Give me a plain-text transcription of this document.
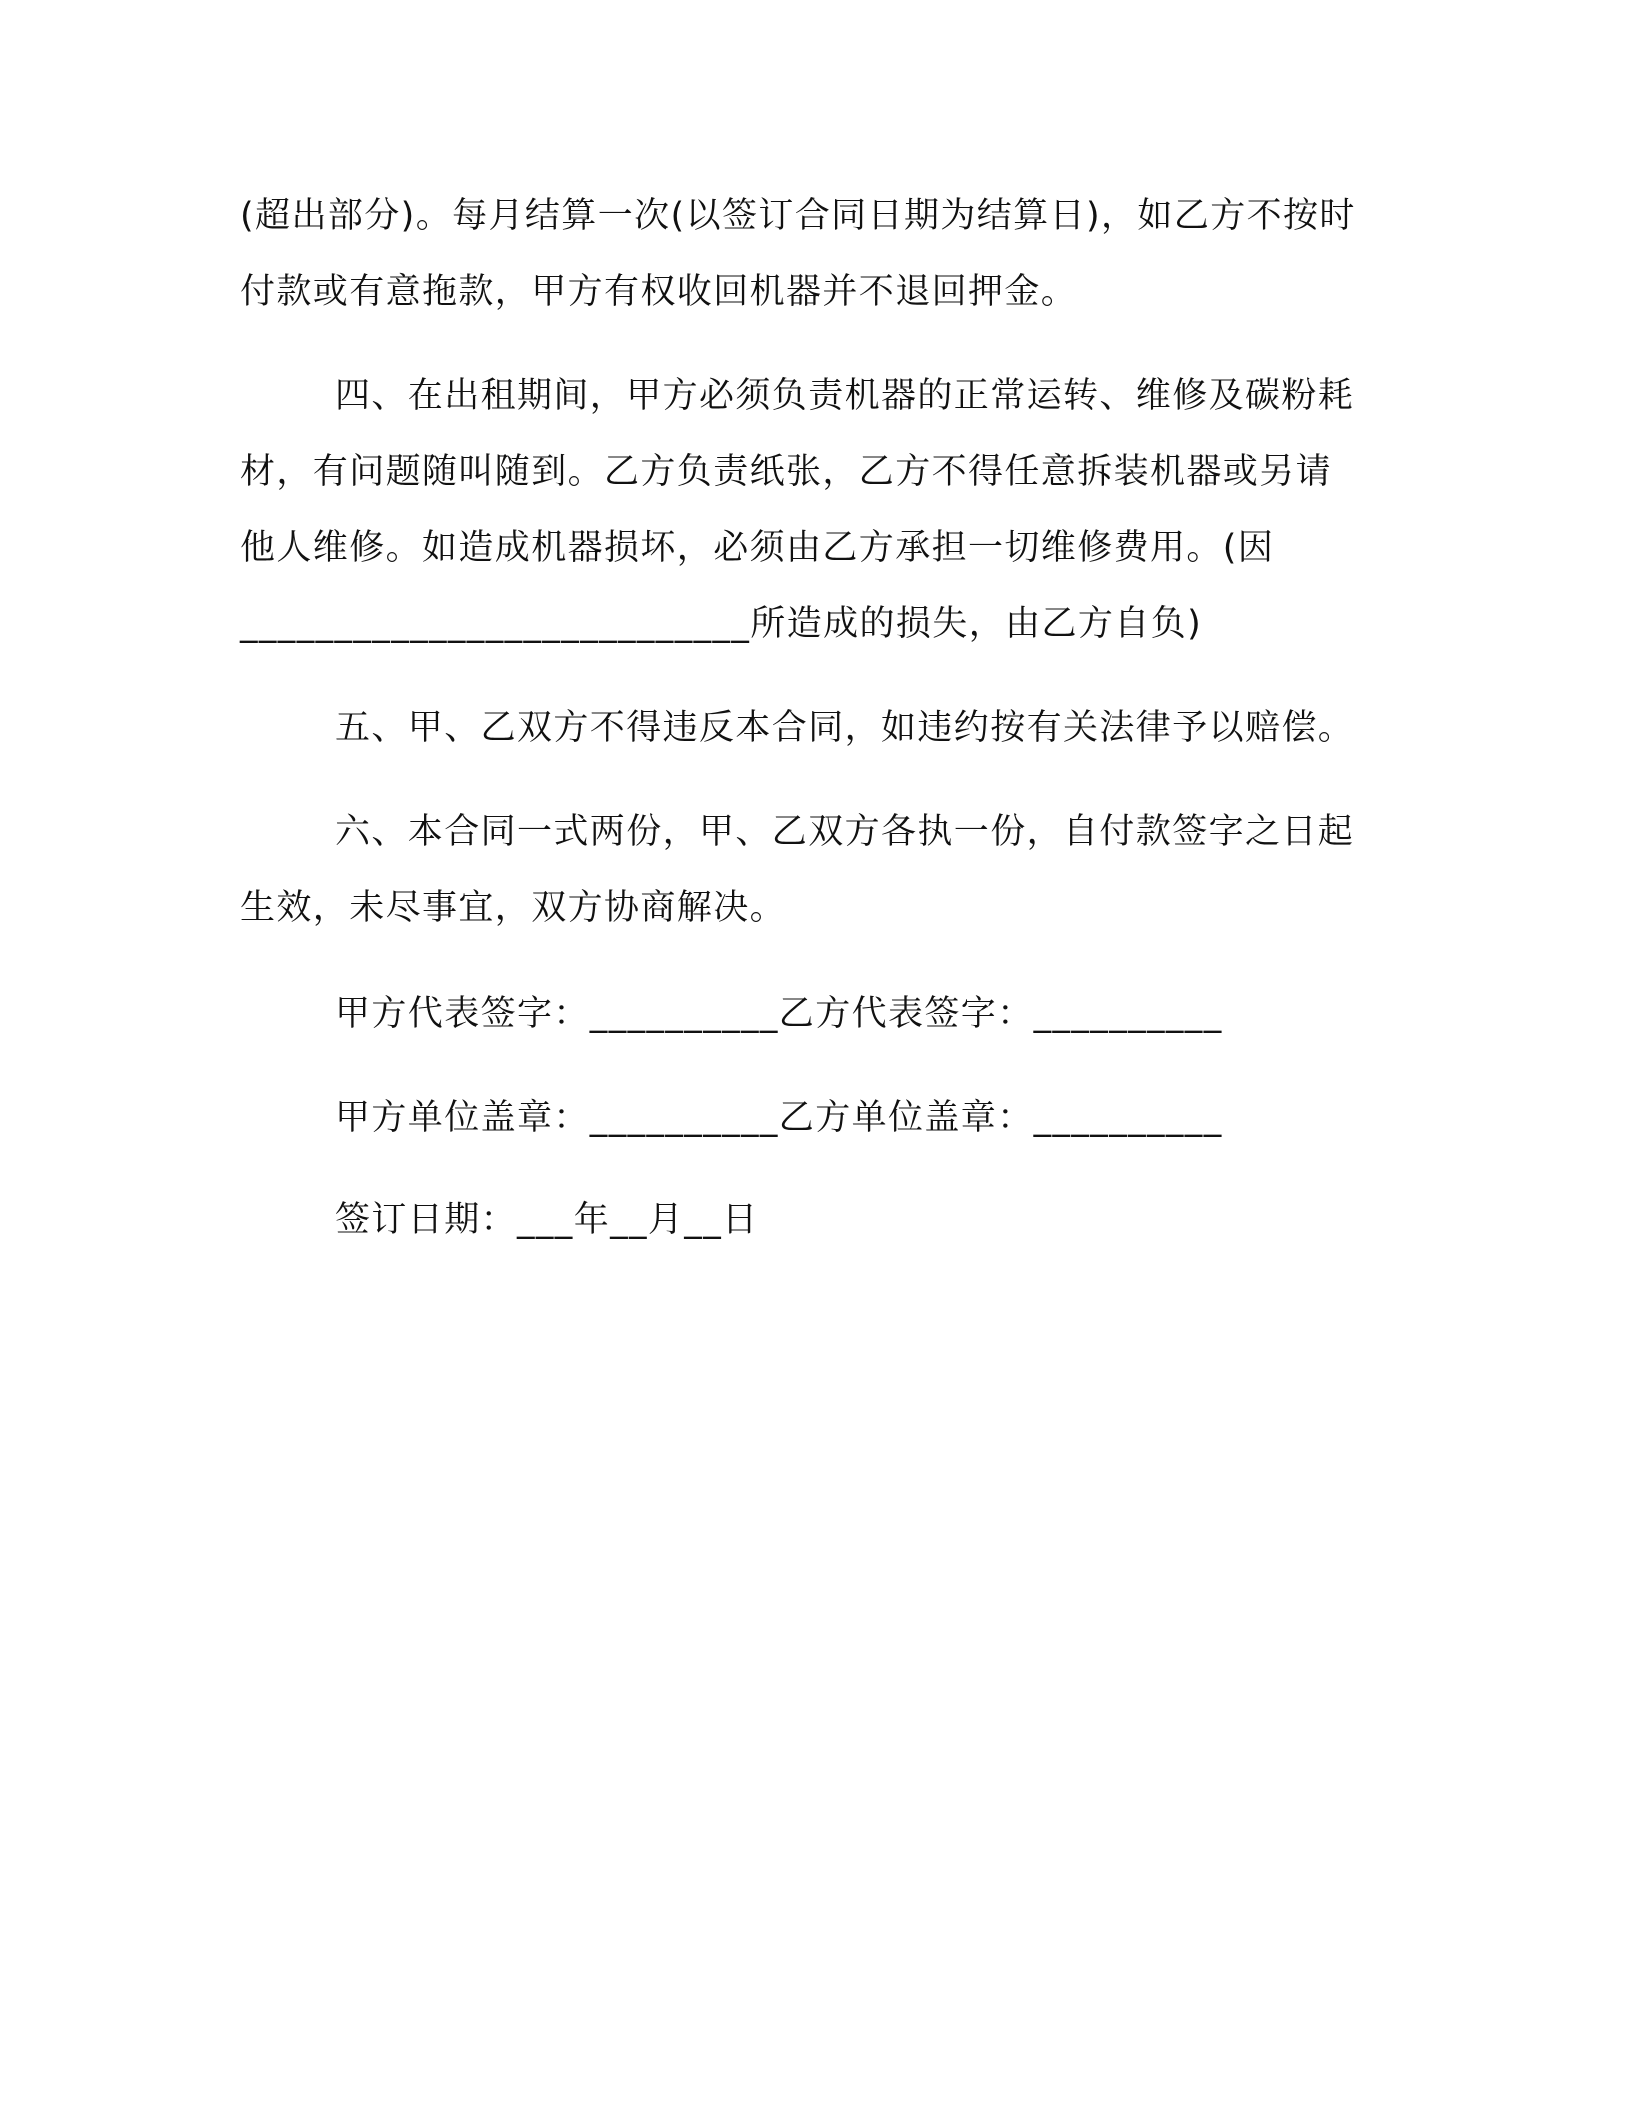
(超出部分)。每月结算一次(以签订合同日期为结算日)，如乙方不按时

付款或有意拖款，甲方有权收回机器并不退回押金。

四、在出租期间，甲方必须负责机器的正常运转、维修及碳粉耗

材，有问题随叫随到。乙方负责纸张，乙方不得任意拆装机器或另请

他人维修。如造成机器损坏，必须由乙方承担一切维修费用。(因

___________________________所造成的损失，由乙方自负)

五、甲、乙双方不得违反本合同，如违约按有关法律予以赔偿。

六、本合同一式两份，甲、乙双方各执一份，自付款签字之日起

生效，未尽事宜，双方协商解决。

甲方代表签字：__________乙方代表签字：__________

甲方单位盖章：__________乙方单位盖章：__________

签订日期：___年__月__日
